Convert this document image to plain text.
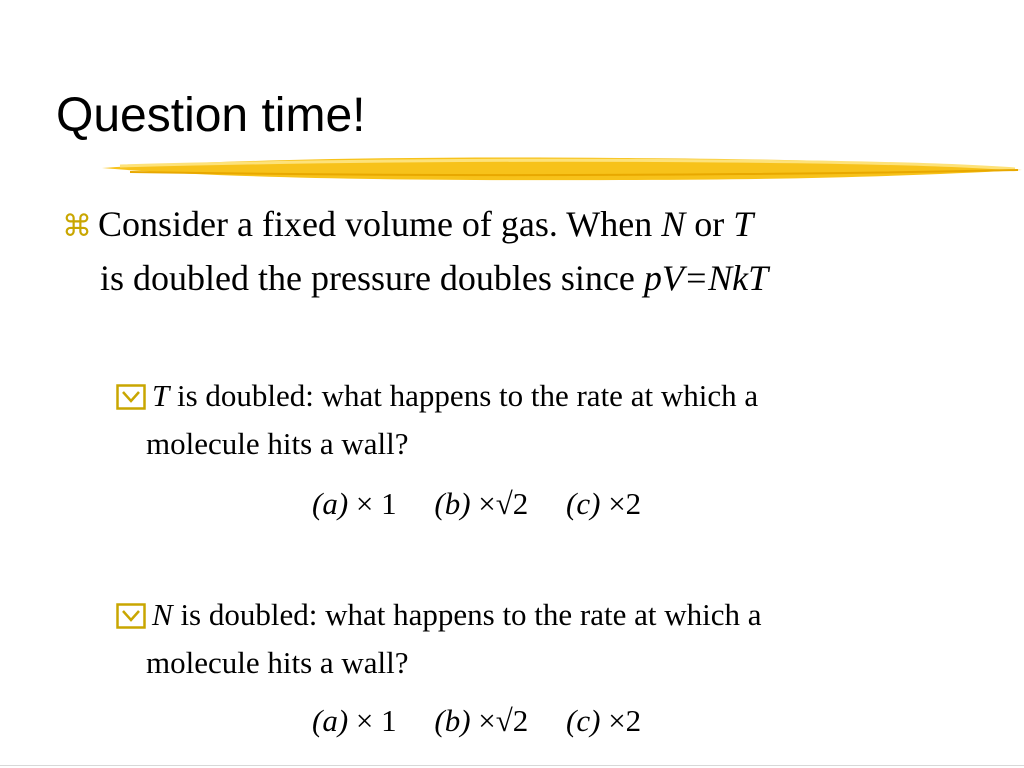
Question time!
⌘ Consider a fixed volume of gas. When N or T
is doubled the pressure doubles since pV=NkT
T is doubled: what happens to the rate at which a
molecule hits a wall?
(a) × 1 (b) ×√2 (c) ×2
N is doubled: what happens to the rate at which a
molecule hits a wall?
(a) × 1 (b) ×√2 (c) ×2
